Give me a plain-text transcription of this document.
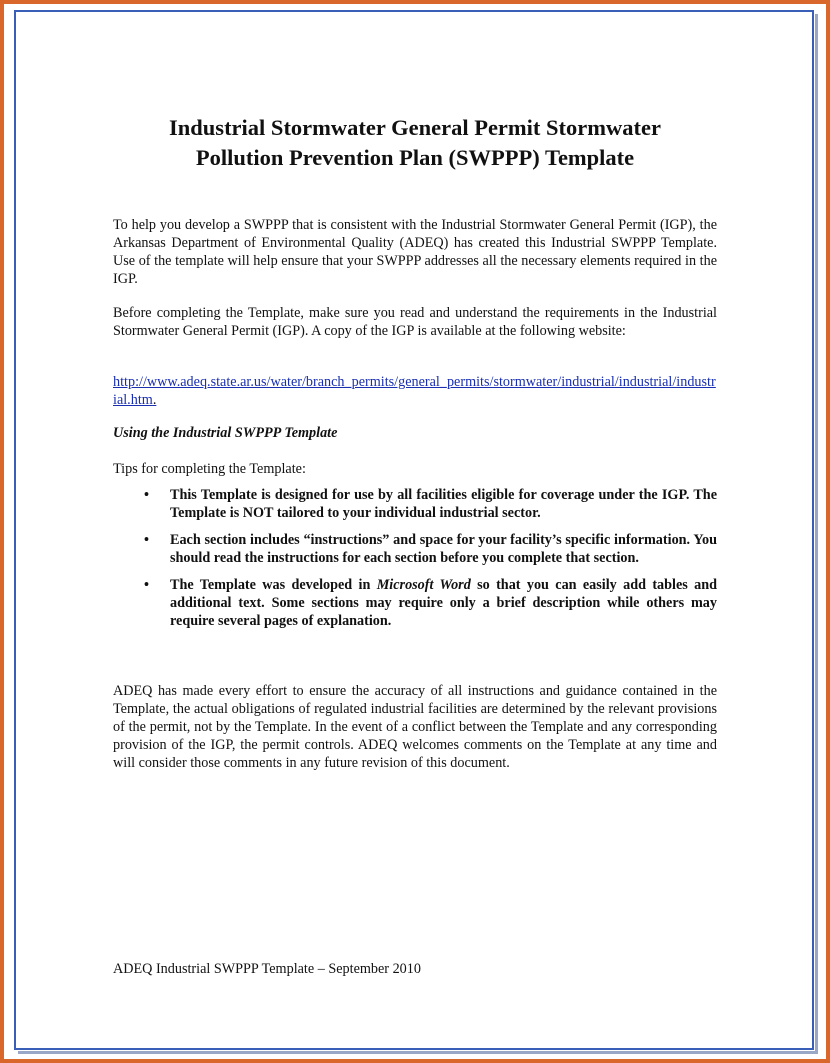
Industrial Stormwater General Permit Stormwater
Pollution Prevention Plan (SWPPP) Template
To help you develop a SWPPP that is consistent with the Industrial Stormwater General Permit (IGP), the Arkansas Department of Environmental Quality (ADEQ) has created this Industrial SWPPP Template. Use of the template will help ensure that your SWPPP addresses all the necessary elements required in the IGP.
Before completing the Template, make sure you read and understand the requirements in the Industrial Stormwater General Permit (IGP). A copy of the IGP is available at the following website:
http://www.adeq.state.ar.us/water/branch_permits/general_permits/stormwater/industrial/industrial/industrial.htm.
Using the Industrial SWPPP Template
Tips for completing the Template:
• This Template is designed for use by all facilities eligible for coverage under the IGP. The Template is NOT tailored to your individual industrial sector.
• Each section includes “instructions” and space for your facility’s specific information. You should read the instructions for each section before you complete that section.
• The Template was developed in Microsoft Word so that you can easily add tables and additional text. Some sections may require only a brief description while others may require several pages of explanation.
ADEQ has made every effort to ensure the accuracy of all instructions and guidance contained in the Template, the actual obligations of regulated industrial facilities are determined by the relevant provisions of the permit, not by the Template. In the event of a conflict between the Template and any corresponding provision of the IGP, the permit controls. ADEQ welcomes comments on the Template at any time and will consider those comments in any future revision of this document.
ADEQ Industrial SWPPP Template – September 2010
